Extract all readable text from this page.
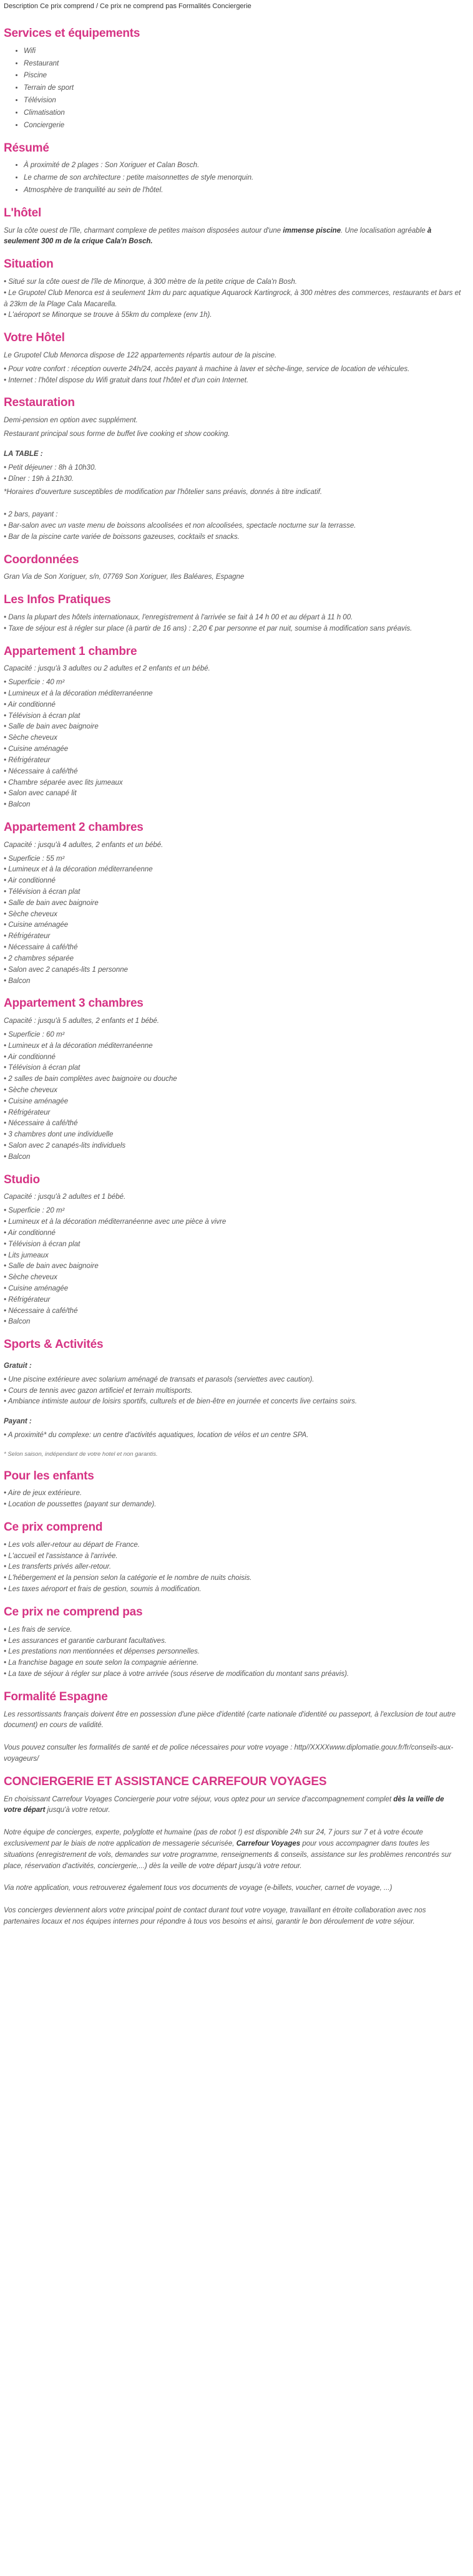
Description Ce prix comprend / Ce prix ne comprend pas Formalités Conciergerie
Services et équipements
• Wifi
• Restaurant
• Piscine
• Terrain de sport
• Télévision
• Climatisation
• Conciergerie
Résumé
• À proximité de 2 plages : Son Xoriguer et Calan Bosch.
• Le charme de son architecture : petite maisonnettes de style menorquin.
• Atmosphère de tranquilité au sein de l'hôtel.
L'hôtel

Sur la côte ouest de l'île, charmant complexe de petites maison disposées autour d'une immense piscine. Une localisation agréable à seulement 300 m de la crique Cala'n Bosch.

Situation
• Situé sur la côte ouest de l'île de Minorque, à 300 mètre de la petite crique de Cala'n Bosh.
• Le Grupotel Club Menorca est à seulement 1km du parc aquatique Aquarock Kartingrock, à 300 mètres des commerces, restaurants et bars et à 23km de la Plage Cala Macarella.
• L'aéroport se Minorque se trouve à 55km du complexe (env 1h).
Votre Hôtel

Le Grupotel Club Menorca dispose de 122 appartements répartis autour de la piscine.

• Pour votre confort : réception ouverte 24h/24, accès payant à machine à laver et sèche-linge, service de location de véhicules.
• Internet : l'hôtel dispose du Wifi gratuit dans tout l'hôtel et d'un coin Internet.
Restauration

Demi-pension en option avec supplément.

Restaurant principal sous forme de buffet live cooking et show cooking.

LA TABLE :
• Petit déjeuner : 8h à 10h30.
• Dîner : 19h à 21h30.

*Horaires d'ouverture susceptibles de modification par l'hôtelier sans préavis, donnés à titre indicatif.

• 2 bars, payant :
• Bar-salon avec un vaste menu de boissons alcoolisées et non alcoolisées, spectacle nocturne sur la terrasse.
• Bar de la piscine carte variée de boissons gazeuses, cocktails et snacks.
Coordonnées

Gran Via de Son Xoriguer, s/n, 07769 Son Xoriguer, Iles Baléares, Espagne

Les Infos Pratiques
• Dans la plupart des hôtels internationaux, l'enregistrement à l'arrivée se fait à 14 h 00 et au départ à 11 h 00.
• Taxe de séjour est à régler sur place (à partir de 16 ans) : 2,20 € par personne et par nuit, soumise à modification sans préavis.
Appartement 1 chambre

Capacité : jusqu'à 3 adultes ou 2 adultes et 2 enfants et un bébé.

• Superficie : 40 m²
• Lumineux et à la décoration méditerranéenne
• Air conditionné
• Télévision à écran plat
• Salle de bain avec baignoire
• Sèche cheveux
• Cuisine aménagée
• Réfrigérateur
• Nécessaire à café/thé
• Chambre séparée avec lits jumeaux
• Salon avec canapé lit
• Balcon
Appartement 2 chambres

Capacité : jusqu'à 4 adultes, 2 enfants et un bébé.

• Superficie : 55 m²
• Lumineux et à la décoration méditerranéenne
• Air conditionné
• Télévision à écran plat
• Salle de bain avec baignoire
• Sèche cheveux
• Cuisine aménagée
• Réfrigérateur
• Nécessaire à café/thé
• 2 chambres séparée
• Salon avec 2 canapés-lits 1 personne
• Balcon
Appartement 3 chambres

Capacité : jusqu'à 5 adultes, 2 enfants et 1 bébé.

• Superficie : 60 m²
• Lumineux et à la décoration méditerranéenne
• Air conditionné
• Télévision à écran plat
• 2 salles de bain complètes avec baignoire ou douche
• Sèche cheveux
• Cuisine aménagée
• Réfrigérateur
• Nécessaire à café/thé
• 3 chambres dont une individuelle
• Salon avec 2 canapés-lits individuels
• Balcon
Studio

Capacité : jusqu'à 2 adultes et 1 bébé.

• Superficie : 20 m²
• Lumineux et à la décoration méditerranéenne avec une pièce à vivre
• Air conditionné
• Télévision à écran plat
• Lits jumeaux
• Salle de bain avec baignoire
• Sèche cheveux
• Cuisine aménagée
• Réfrigérateur
• Nécessaire à café/thé
• Balcon
Sports & Activités
Gratuit :
• Une piscine extérieure avec solarium aménagé de transats et parasols (serviettes avec caution).
• Cours de tennis avec gazon artificiel et terrain multisports.
• Ambiance intimiste autour de loisirs sportifs, culturels et de bien-être en journée et concerts live certains soirs.
Payant :
• A proximité* du complexe: un centre d'activités aquatiques, location de vélos et un centre SPA.
* Selon saison, indépendant de votre hotel et non garantis.
Pour les enfants
• Aire de jeux extérieure.
• Location de poussettes (payant sur demande).
Ce prix comprend
• Les vols aller-retour au départ de France.
• L'accueil et l'assistance à l'arrivée.
• Les transferts privés aller-retour.
• L'hébergement et la pension selon la catégorie et le nombre de nuits choisis.
• Les taxes aéroport et frais de gestion, soumis à modification.
Ce prix ne comprend pas
• Les frais de service.
• Les assurances et garantie carburant facultatives.
• Les prestations non mentionnées et dépenses personnelles.
• La franchise bagage en soute selon la compagnie aérienne.
• La taxe de séjour à régler sur place à votre arrivée (sous réserve de modification du montant sans préavis).
Formalité Espagne

Les ressortissants français doivent être en possession d'une pièce d'identité (carte nationale d'identité ou passeport, à l'exclusion de tout autre document) en cours de validité.

Vous pouvez consulter les formalités de santé et de police nécessaires pour votre voyage : http//XXXXwww.diplomatie.gouv.fr/fr/conseils-aux-voyageurs/

CONCIERGERIE ET ASSISTANCE CARREFOUR VOYAGES

En choisissant Carrefour Voyages Conciergerie pour votre séjour, vous optez pour un service d'accompagnement complet dès la veille de votre départ jusqu'à votre retour.

Notre équipe de concierges, experte, polyglotte et humaine (pas de robot !) est disponible 24h sur 24, 7 jours sur 7 et à votre écoute exclusivement par le biais de notre application de messagerie sécurisée, Carrefour Voyages pour vous accompagner dans toutes les situations (enregistrement de vols, demandes sur votre programme, renseignements & conseils, assistance sur les problèmes rencontrés sur place, réservation d'activités, conciergerie,...) dès la veille de votre départ jusqu'à votre retour.

Via notre application, vous retrouverez également tous vos documents de voyage (e-billets, voucher, carnet de voyage, ...)

Vos concierges deviennent alors votre principal point de contact durant tout votre voyage, travaillant en étroite collaboration avec nos partenaires locaux et nos équipes internes pour répondre à tous vos besoins et ainsi, garantir le bon déroulement de votre séjour.
